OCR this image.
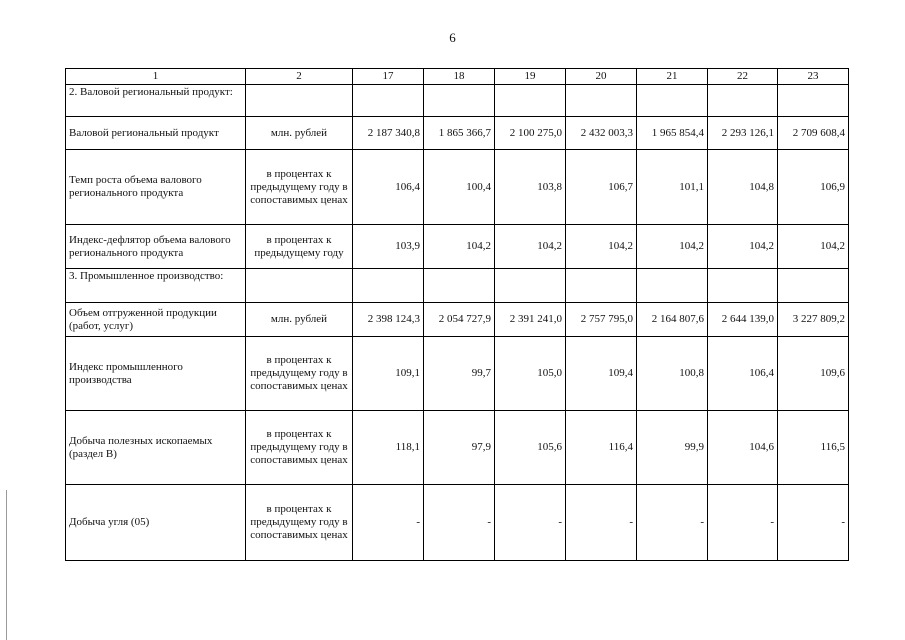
6
1	2	17	18	19	20	21	22	23
2. Валовой региональный продукт:								
Валовой региональный продукт	млн. рублей	2 187 340,8	1 865 366,7	2 100 275,0	2 432 003,3	1 965 854,4	2 293 126,1	2 709 608,4
Темп роста объема валового регионального продукта	в процентах к предыдущему году в сопоставимых ценах	106,4	100,4	103,8	106,7	101,1	104,8	106,9
Индекс-дефлятор объема валового регионального продукта	в процентах к предыдущему году	103,9	104,2	104,2	104,2	104,2	104,2	104,2
3. Промышленное производство:								
Объем отгруженной продукции (работ, услуг)	млн. рублей	2 398 124,3	2 054 727,9	2 391 241,0	2 757 795,0	2 164 807,6	2 644 139,0	3 227 809,2
Индекс промышленного производства	в процентах к предыдущему году в сопоставимых ценах	109,1	99,7	105,0	109,4	100,8	106,4	109,6
Добыча полезных ископаемых (раздел В)	в процентах к предыдущему году в сопоставимых ценах	118,1	97,9	105,6	116,4	99,9	104,6	116,5
Добыча угля (05)	в процентах к предыдущему году в сопоставимых ценах	-	-	-	-	-	-	-
